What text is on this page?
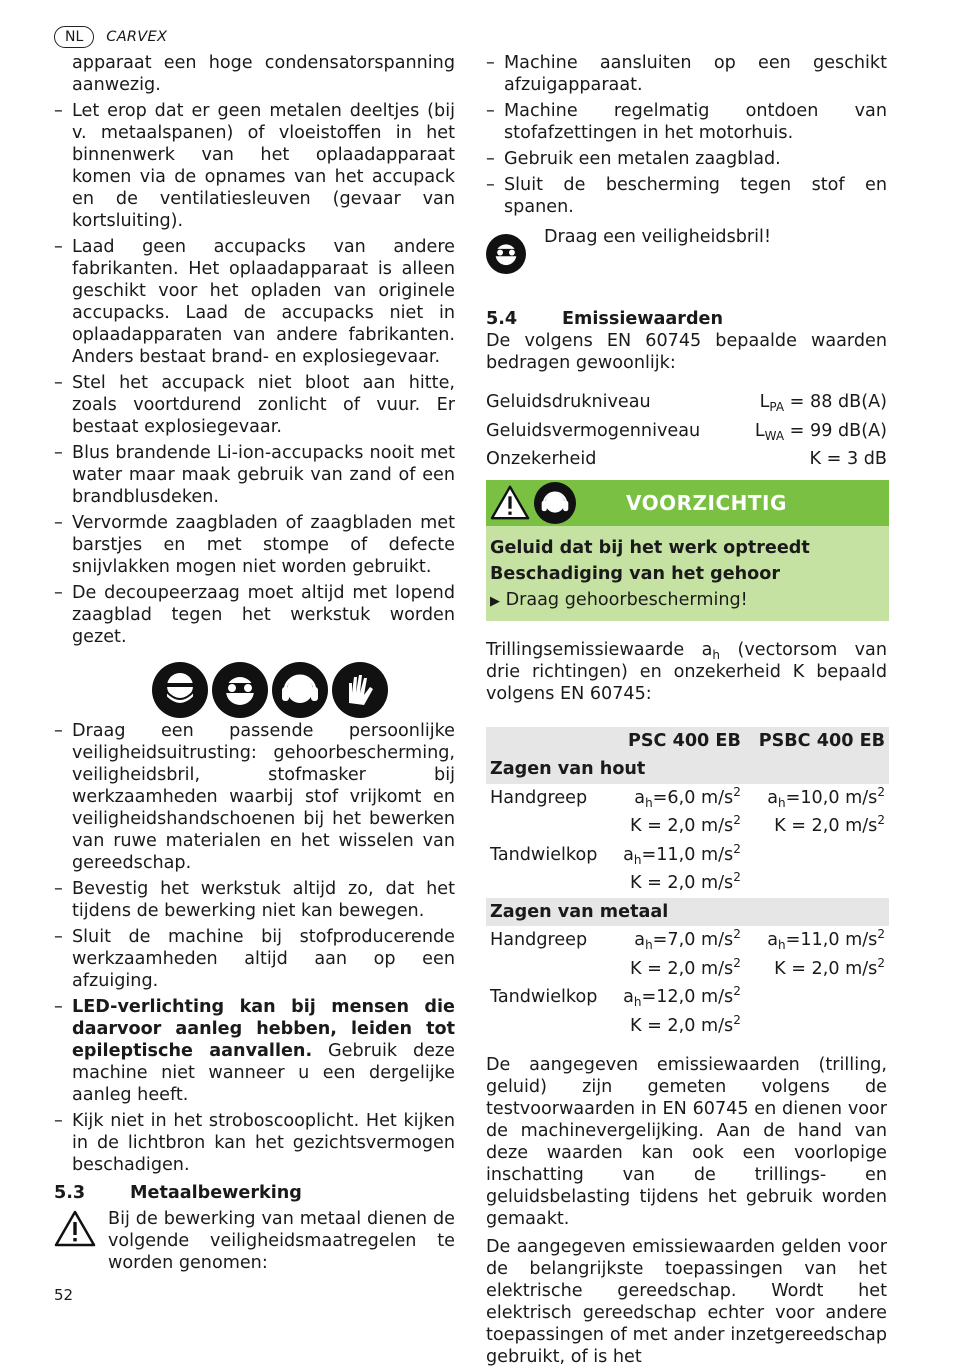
NL	CARVEX
apparaat een hoge condensatorspanning aanwezig.
– Let erop dat er geen metalen deeltjes (bij v. metaalspanen) of vloeistoffen in het binnenwerk van het oplaadapparaat komen via de opnames van het accupack en de ventilatiesleuven (gevaar van kortsluiting).
– Laad geen accupacks van andere fabrikanten. Het oplaadapparaat is alleen geschikt voor het opladen van originele accupacks. Laad de accupacks niet in oplaadapparaten van andere fabrikanten. Anders bestaat brand- en explosiegevaar.
– Stel het accupack niet bloot aan hitte, zoals voortdurend zonlicht of vuur. Er bestaat explosiegevaar.
– Blus brandende Li-ion-accupacks nooit met water maar maak gebruik van zand of een brandblusdeken.
– Vervormde zaagbladen of zaagbladen met barstjes en met stompe of defecte snijvlakken mogen niet worden gebruikt.
– De decoupeerzaag moet altijd met lopend zaagblad tegen het werkstuk worden gezet.
– Draag een passende persoonlijke veiligheidsuitrusting: gehoorbescherming, veiligheidsbril, stofmasker bij werkzaamheden waarbij stof vrijkomt en veiligheidshandschoenen bij het bewerken van ruwe materialen en het wisselen van gereedschap.
– Bevestig het werkstuk altijd zo, dat het tijdens de bewerking niet kan bewegen.
– Sluit de machine bij stofproducerende werkzaamheden altijd aan op een afzuiging.
– LED-verlichting kan bij mensen die daarvoor aanleg hebben, leiden tot epileptische aanvallen. Gebruik deze machine niet wanneer u een dergelijke aanleg heeft.
– Kijk niet in het stroboscooplicht. Het kijken in de lichtbron kan het gezichtsvermogen beschadigen.
5.3	Metaalbewerking
Bij de bewerking van metaal dienen de volgende veiligheidsmaatregelen te worden genomen:
– Machine aansluiten op een geschikt afzuigapparaat.
– Machine regelmatig ontdoen van stofafzettingen in het motorhuis.
– Gebruik een metalen zaagblad.
– Sluit de bescherming tegen stof en spanen.
Draag een veiligheidsbril!
5.4	Emissiewaarden
De volgens EN 60745 bepaalde waarden bedragen gewoonlijk:
Geluidsdrukniveau	$L_{PA} = 88$ dB(A)
Geluidsvermogenniveau	$L_{WA} = 99$ dB(A)
Onzekerheid	K = 3 dB
VOORZICHTIG
Geluid dat bij het werk optreedt
Beschadiging van het gehoor
▶ Draag gehoorbescherming!
Trillingsemissiewaarde $a_h$ (vectorsom van drie richtingen) en onzekerheid K bepaald volgens EN 60745:
	PSC 400 EB	PSBC 400 EB
Zagen van hout		
Handgreep	$a_h=6,0$ $m/s^2$	$a_h=10,0$ $m/s^2$
	K = 2,0 $m/s^2$	K = 2,0 $m/s^2$
Tandwielkop	$a_h=11,0$ $m/s^2$	
	K = 2,0 $m/s^2$	
Zagen van metaal		
Handgreep	$a_h=7,0$ $m/s^2$	$a_h=11,0$ $m/s^2$
	K = 2,0 $m/s^2$	K = 2,0 $m/s^2$
Tandwielkop	$a_h=12,0$ $m/s^2$	
	K = 2,0 $m/s^2$	
De aangegeven emissiewaarden (trilling, geluid) zijn gemeten volgens de testvoorwaarden in EN 60745 en dienen voor de machinevergelijking. Aan de hand van deze waarden kan ook een voorlopige inschatting van de trillings- en geluidsbelasting tijdens het gebruik worden gemaakt.
De aangegeven emissiewaarden gelden voor de belangrijkste toepassingen van het elektrische gereedschap. Wordt het elektrisch gereedschap echter voor andere toepassingen of met ander inzetgereedschap gebruikt, of is het
52
